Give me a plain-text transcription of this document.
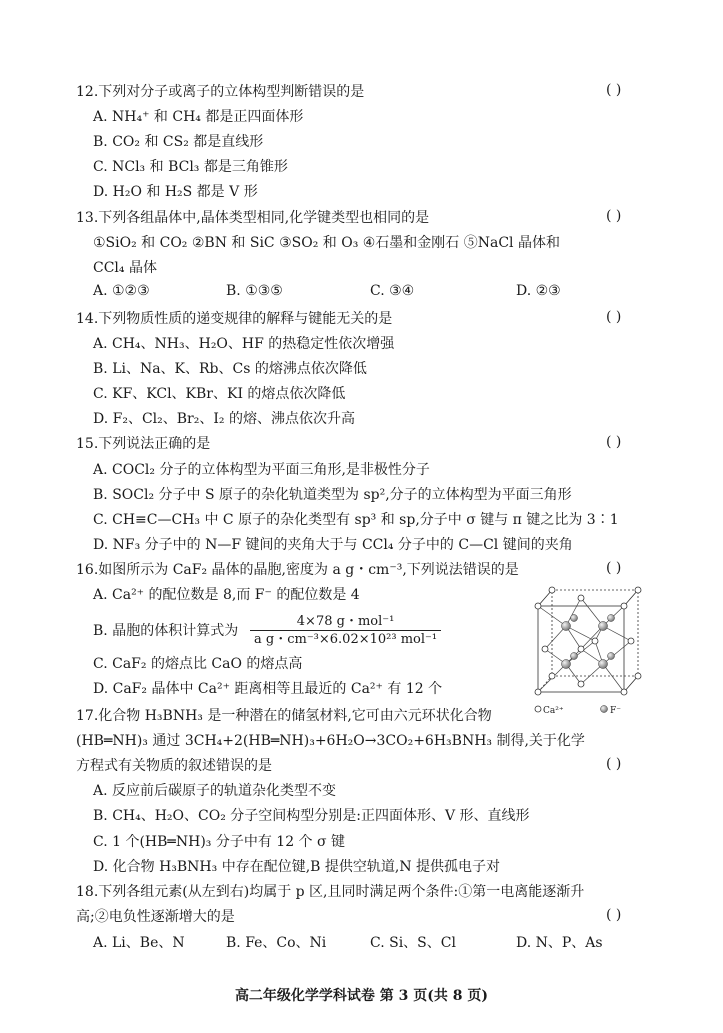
12.下列对分子或离子的立体构型判断错误的是	( )
A. NH₄⁺ 和 CH₄ 都是正四面体形
B. CO₂ 和 CS₂ 都是直线形
C. NCl₃ 和 BCl₃ 都是三角锥形
D. H₂O 和 H₂S 都是 V 形
13.下列各组晶体中,晶体类型相同,化学键类型也相同的是	( )
①SiO₂ 和 CO₂ ②BN 和 SiC ③SO₂ 和 O₃ ④石墨和金刚石 ⑤NaCl 晶体和
CCl₄ 晶体
A. ①②③	B. ①③⑤	C. ③④	D. ②③
14.下列物质性质的递变规律的解释与键能无关的是	( )
A. CH₄、NH₃、H₂O、HF 的热稳定性依次增强
B. Li、Na、K、Rb、Cs 的熔沸点依次降低
C. KF、KCl、KBr、KI 的熔点依次降低
D. F₂、Cl₂、Br₂、I₂ 的熔、沸点依次升高
15.下列说法正确的是	( )
A. COCl₂ 分子的立体构型为平面三角形,是非极性分子
B. SOCl₂ 分子中 S 原子的杂化轨道类型为 sp²,分子的立体构型为平面三角形
C. CH≡C—CH₃ 中 C 原子的杂化类型有 sp³ 和 sp,分子中 σ 键与 π 键之比为 3∶1
D. NF₃ 分子中的 N—F 键间的夹角大于与 CCl₄ 分子中的 C—Cl 键间的夹角
16.如图所示为 CaF₂ 晶体的晶胞,密度为 a g・cm⁻³,下列说法错误的是	( )
A. Ca²⁺ 的配位数是 8,而 F⁻ 的配位数是 4
B. 晶胞的体积计算式为
4×78 g・mol⁻¹
a g・cm⁻³×6.02×10²³ mol⁻¹
C. CaF₂ 的熔点比 CaO 的熔点高
D. CaF₂ 晶体中 Ca²⁺ 距离相等且最近的 Ca²⁺ 有 12 个
Ca²⁺	F⁻
17.化合物 H₃BNH₃ 是一种潜在的储氢材料,它可由六元环状化合物
(HB═NH)₃ 通过 3CH₄+2(HB═NH)₃+6H₂O→3CO₂+6H₃BNH₃ 制得,关于化学
方程式有关物质的叙述错误的是	( )
A. 反应前后碳原子的轨道杂化类型不变
B. CH₄、H₂O、CO₂ 分子空间构型分别是:正四面体形、V 形、直线形
C. 1 个(HB═NH)₃ 分子中有 12 个 σ 键
D. 化合物 H₃BNH₃ 中存在配位键,B 提供空轨道,N 提供孤电子对
18.下列各组元素(从左到右)均属于 p 区,且同时满足两个条件:①第一电离能逐渐升
高;②电负性逐渐增大的是	( )
A. Li、Be、N	B. Fe、Co、Ni	C. Si、S、Cl	D. N、P、As
高二年级化学学科试卷 第 3 页(共 8 页)
